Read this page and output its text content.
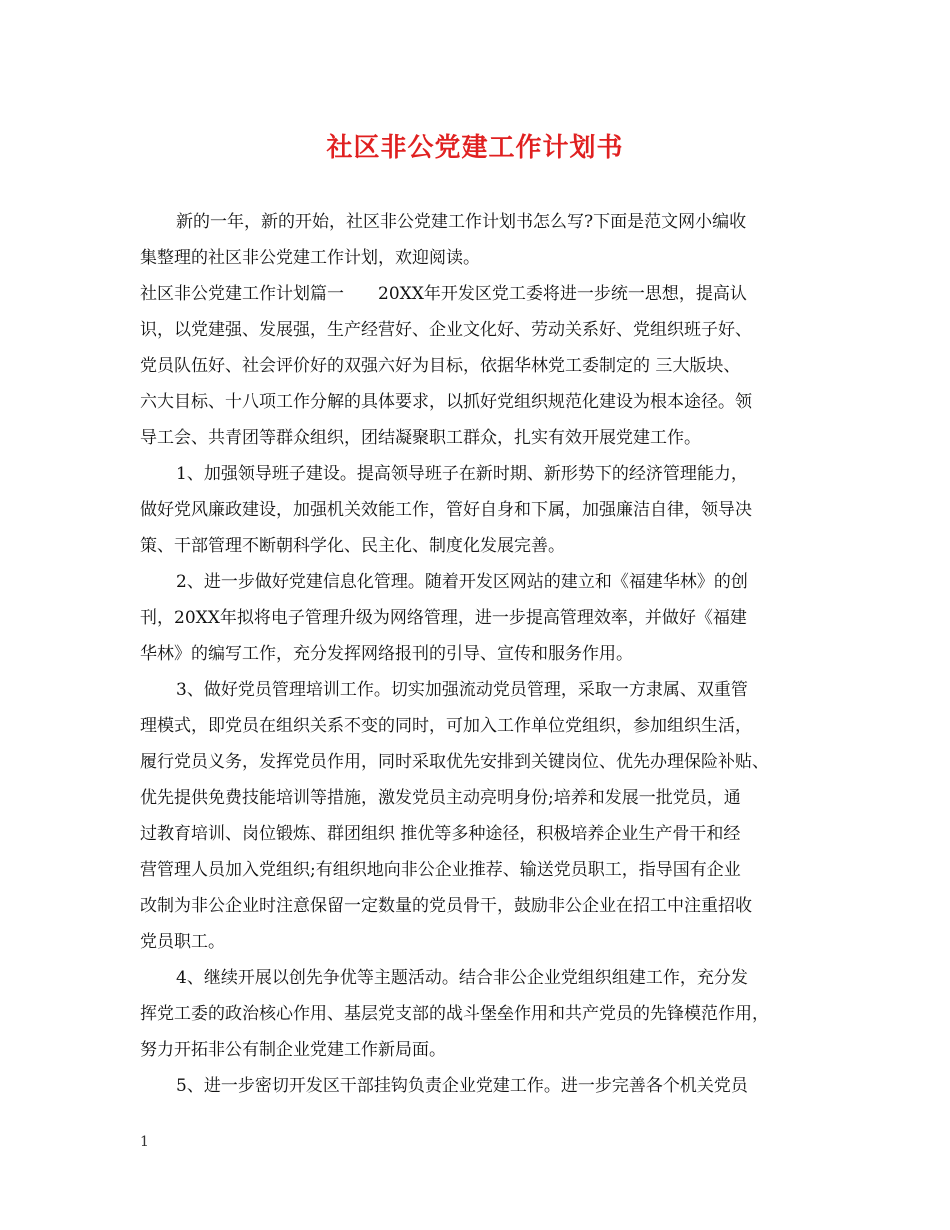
社区非公党建工作计划书
新的一年，新的开始，社区非公党建工作计划书怎么写?下面是范文网小编收
集整理的社区非公党建工作计划，欢迎阅读。
社区非公党建工作计划篇一　　20XX年开发区党工委将进一步统一思想，提高认
识，以党建强、发展强，生产经营好、企业文化好、劳动关系好、党组织班子好、
党员队伍好、社会评价好的双强六好为目标，依据华林党工委制定的 三大版块、
六大目标、十八项工作分解的具体要求，以抓好党组织规范化建设为根本途径。领
导工会、共青团等群众组织，团结凝聚职工群众，扎实有效开展党建工作。
1、加强领导班子建设。提高领导班子在新时期、新形势下的经济管理能力，
做好党风廉政建设，加强机关效能工作，管好自身和下属，加强廉洁自律，领导决
策、干部管理不断朝科学化、民主化、制度化发展完善。
2、进一步做好党建信息化管理。随着开发区网站的建立和《福建华林》的创
刊，20XX年拟将电子管理升级为网络管理，进一步提高管理效率，并做好《福建
华林》的编写工作，充分发挥网络报刊的引导、宣传和服务作用。
3、做好党员管理培训工作。切实加强流动党员管理，采取一方隶属、双重管
理模式，即党员在组织关系不变的同时，可加入工作单位党组织，参加组织生活，
履行党员义务，发挥党员作用，同时采取优先安排到关键岗位、优先办理保险补贴、
优先提供免费技能培训等措施，激发党员主动亮明身份;培养和发展一批党员，通
过教育培训、岗位锻炼、群团组织 推优等多种途径，积极培养企业生产骨干和经
营管理人员加入党组织;有组织地向非公企业推荐、输送党员职工，指导国有企业
改制为非公企业时注意保留一定数量的党员骨干，鼓励非公企业在招工中注重招收
党员职工。
4、继续开展以创先争优等主题活动。结合非公企业党组织组建工作，充分发
挥党工委的政治核心作用、基层党支部的战斗堡垒作用和共产党员的先锋模范作用，
努力开拓非公有制企业党建工作新局面。
5、进一步密切开发区干部挂钩负责企业党建工作。进一步完善各个机关党员
1
